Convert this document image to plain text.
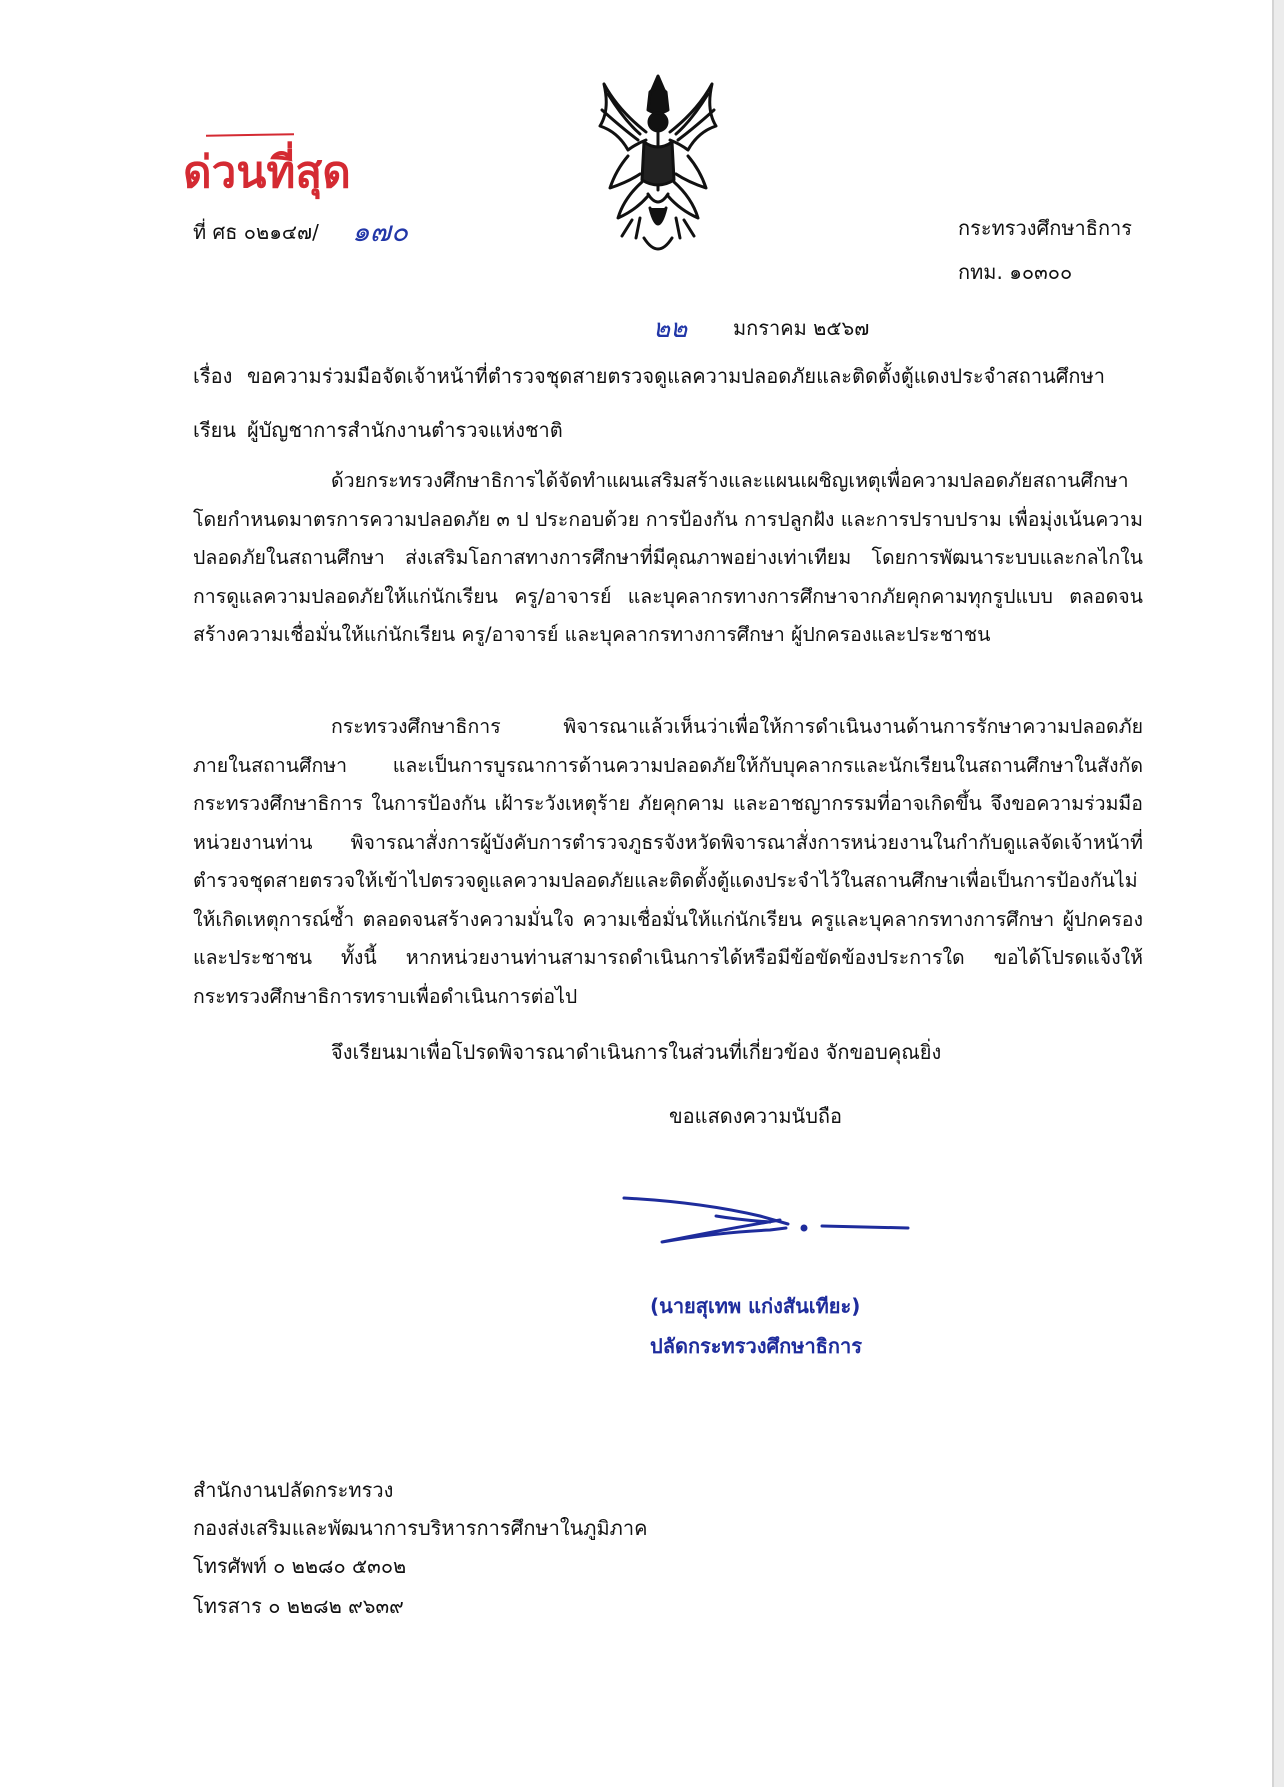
ด่วนที่สุด
ที่ ศธ ๐๒๑๔๗/ ๑๗๐	กระทรวงศึกษาธิการ
กทม. ๑๐๓๐๐
๒๒ มกราคม ๒๕๖๗
เรื่อง ขอความร่วมมือจัดเจ้าหน้าที่ตำรวจชุดสายตรวจดูแลความปลอดภัยและติดตั้งตู้แดงประจำสถานศึกษา
เรียน ผู้บัญชาการสำนักงานตำรวจแห่งชาติ

ด้วยกระทรวงศึกษาธิการได้จัดทำแผนเสริมสร้างและแผนเผชิญเหตุเพื่อความปลอดภัยสถานศึกษา โดยกำหนดมาตรการความปลอดภัย ๓ ป ประกอบด้วย การป้องกัน การปลูกฝัง และการปราบปราม เพื่อมุ่งเน้นความปลอดภัยในสถานศึกษา ส่งเสริมโอกาสทางการศึกษาที่มีคุณภาพอย่างเท่าเทียม โดยการพัฒนาระบบและกลไกในการดูแลความปลอดภัยให้แก่นักเรียน ครู/อาจารย์ และบุคลากรทางการศึกษาจากภัยคุกคามทุกรูปแบบ ตลอดจนสร้างความเชื่อมั่นให้แก่นักเรียน ครู/อาจารย์ และบุคลากรทางการศึกษา ผู้ปกครองและประชาชน

กระทรวงศึกษาธิการ พิจารณาแล้วเห็นว่าเพื่อให้การดำเนินงานด้านการรักษาความปลอดภัยภายในสถานศึกษา และเป็นการบูรณาการด้านความปลอดภัยให้กับบุคลากรและนักเรียนในสถานศึกษาในสังกัดกระทรวงศึกษาธิการ ในการป้องกัน เฝ้าระวังเหตุร้าย ภัยคุกคาม และอาชญากรรมที่อาจเกิดขึ้น จึงขอความร่วมมือหน่วยงานท่าน พิจารณาสั่งการผู้บังคับการตำรวจภูธรจังหวัดพิจารณาสั่งการหน่วยงานในกำกับดูแลจัดเจ้าหน้าที่ตำรวจชุดสายตรวจให้เข้าไปตรวจดูแลความปลอดภัยและติดตั้งตู้แดงประจำไว้ในสถานศึกษาเพื่อเป็นการป้องกันไม่ให้เกิดเหตุการณ์ซ้ำ ตลอดจนสร้างความมั่นใจ ความเชื่อมั่นให้แก่นักเรียน ครูและบุคลากรทางการศึกษา ผู้ปกครอง และประชาชน ทั้งนี้ หากหน่วยงานท่านสามารถดำเนินการได้หรือมีข้อขัดข้องประการใด ขอได้โปรดแจ้งให้กระทรวงศึกษาธิการทราบเพื่อดำเนินการต่อไป

จึงเรียนมาเพื่อโปรดพิจารณาดำเนินการในส่วนที่เกี่ยวข้อง จักขอบคุณยิ่ง
ขอแสดงความนับถือ
(นายสุเทพ แก่งสันเทียะ)
ปลัดกระทรวงศึกษาธิการ
สำนักงานปลัดกระทรวง
กองส่งเสริมและพัฒนาการบริหารการศึกษาในภูมิภาค
โทรศัพท์ ๐ ๒๒๘๐ ๕๓๐๒
โทรสาร ๐ ๒๒๘๒ ๙๖๓๙
